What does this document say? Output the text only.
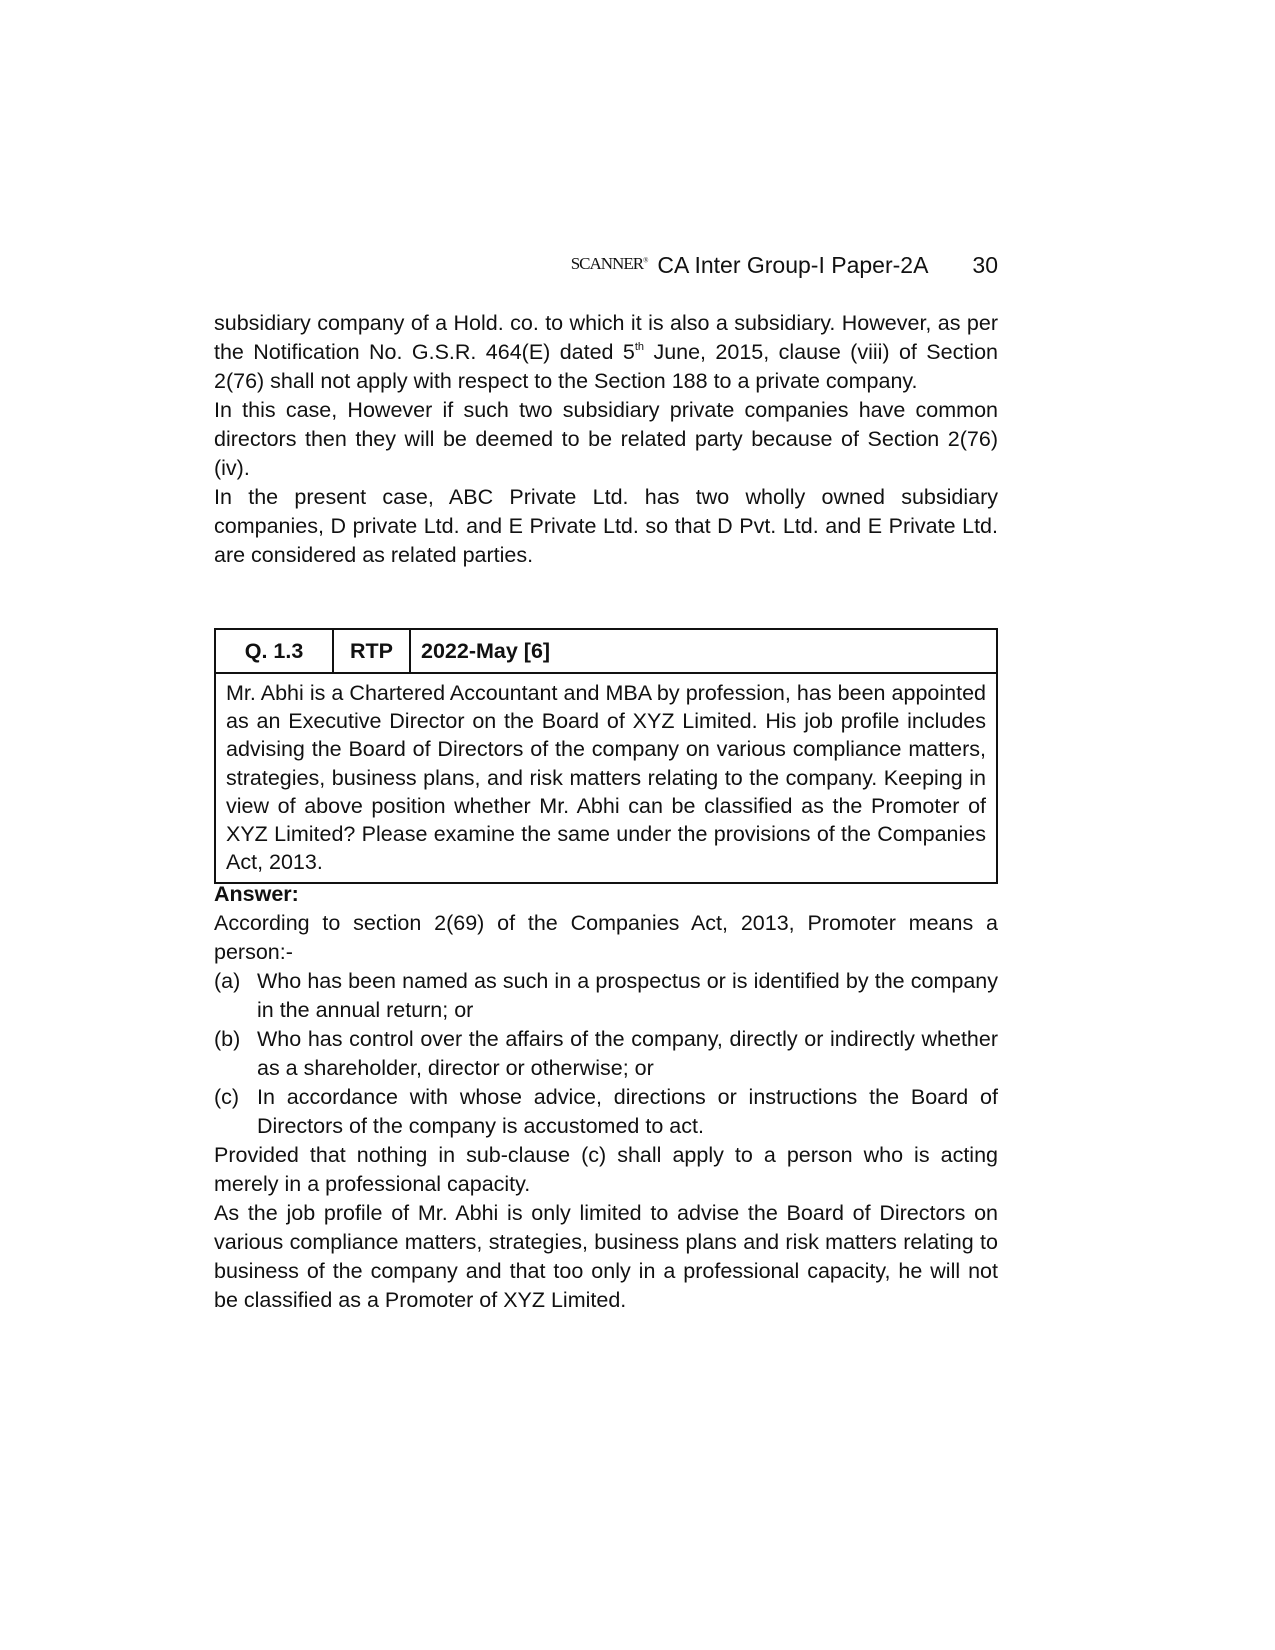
SCANNER® CA Inter Group-I Paper-2A 30

subsidiary company of a Hold. co. to which it is also a subsidiary. However, as per the Notification No. G.S.R. 464(E) dated 5th June, 2015, clause (viii) of Section 2(76) shall not apply with respect to the Section 188 to a private company.

In this case, However if such two subsidiary private companies have common directors then they will be deemed to be related party because of Section 2(76)(iv).

In the present case, ABC Private Ltd. has two wholly owned subsidiary companies, D private Ltd. and E Private Ltd. so that D Pvt. Ltd. and E Private Ltd. are considered as related parties.

Q. 1.3	RTP	2022-May [6]
Mr. Abhi is a Chartered Accountant and MBA by profession, has been appointed as an Executive Director on the Board of XYZ Limited. His job profile includes advising the Board of Directors of the company on various compliance matters, strategies, business plans, and risk matters relating to the company. Keeping in view of above position whether Mr. Abhi can be classified as the Promoter of XYZ Limited? Please examine the same under the provisions of the Companies Act, 2013.

Answer:

According to section 2(69) of the Companies Act, 2013, Promoter means a person:-

(a) Who has been named as such in a prospectus or is identified by the company in the annual return; or
(b) Who has control over the affairs of the company, directly or indirectly whether as a shareholder, director or otherwise; or
(c) In accordance with whose advice, directions or instructions the Board of Directors of the company is accustomed to act.

Provided that nothing in sub-clause (c) shall apply to a person who is acting merely in a professional capacity.

As the job profile of Mr. Abhi is only limited to advise the Board of Directors on various compliance matters, strategies, business plans and risk matters relating to business of the company and that too only in a professional capacity, he will not be classified as a Promoter of XYZ Limited.
